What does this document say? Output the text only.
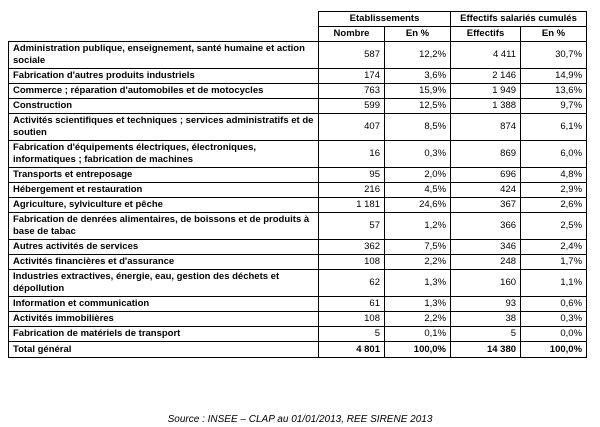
	Etablissements		Effectifs salariés cumulés	
	Nombre	En %	Effectifs	En %
Administration publique, enseignement, santé humaine et action sociale	587	12,2%	4 411	30,7%
Fabrication d'autres produits industriels	174	3,6%	2 146	14,9%
Commerce ; réparation d'automobiles et de motocycles	763	15,9%	1 949	13,6%
Construction	599	12,5%	1 388	9,7%
Activités scientifiques et techniques ; services administratifs et de soutien	407	8,5%	874	6,1%
Fabrication d'équipements électriques, électroniques, informatiques ; fabrication de machines	16	0,3%	869	6,0%
Transports et entreposage	95	2,0%	696	4,8%
Hébergement et restauration	216	4,5%	424	2,9%
Agriculture, sylviculture et pêche	1 181	24,6%	367	2,6%
Fabrication de denrées alimentaires, de boissons et de produits à base de tabac	57	1,2%	366	2,5%
Autres activités de services	362	7,5%	346	2,4%
Activités financières et d'assurance	108	2,2%	248	1,7%
Industries extractives, énergie, eau, gestion des déchets et dépollution	62	1,3%	160	1,1%
Information et communication	61	1,3%	93	0,6%
Activités immobilières	108	2,2%	38	0,3%
Fabrication de matériels de transport	5	0,1%	5	0,0%
Total général	4 801	100,0%	14 380	100,0%
Source : INSEE – CLAP au 01/01/2013, REE SIRENE 2013
